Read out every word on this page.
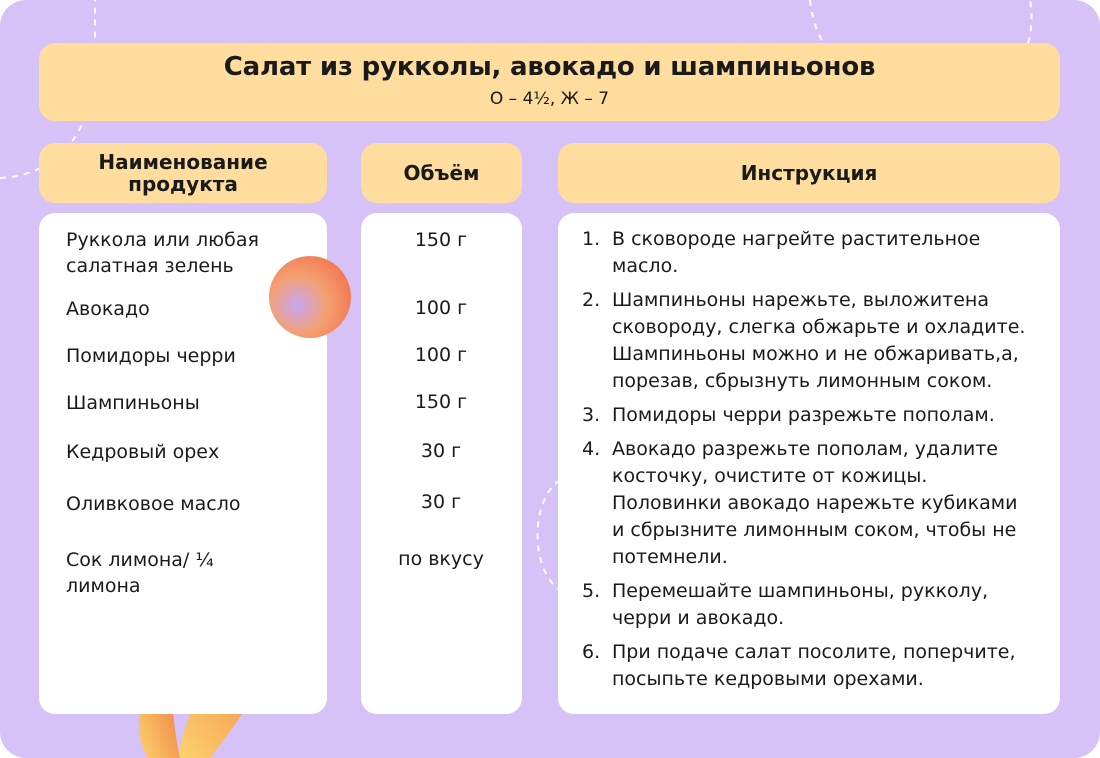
Салат из рукколы, авокадо и шампиньонов
О – 4½, Ж – 7
Наименование продукта	Объём	Инструкция
Руккола или любая салатная зелень
Авокадо
Помидоры черри
Шампиньоны
Кедровый орех
Оливковое масло
Сок лимона/ ¼ лимона
150 г
100 г
100 г
150 г
30 г
30 г
по вкусу
1. В сковороде нагрейте растительное масло.
2. Шампиньоны нарежьте, выложитена сковороду, слегка обжарьте и охладите. Шампиньоны можно и не обжаривать,а, порезав, сбрызнуть лимонным соком.
3. Помидоры черри разрежьте пополам.
4. Авокадо разрежьте пополам, удалите косточку, очистите от кожицы. Половинки авокадо нарежьте кубиками и сбрызните лимонным соком, чтобы не потемнели.
5. Перемешайте шампиньоны, рукколу, черри и авокадо.
6. При подаче салат посолите, поперчите, посыпьте кедровыми орехами.
